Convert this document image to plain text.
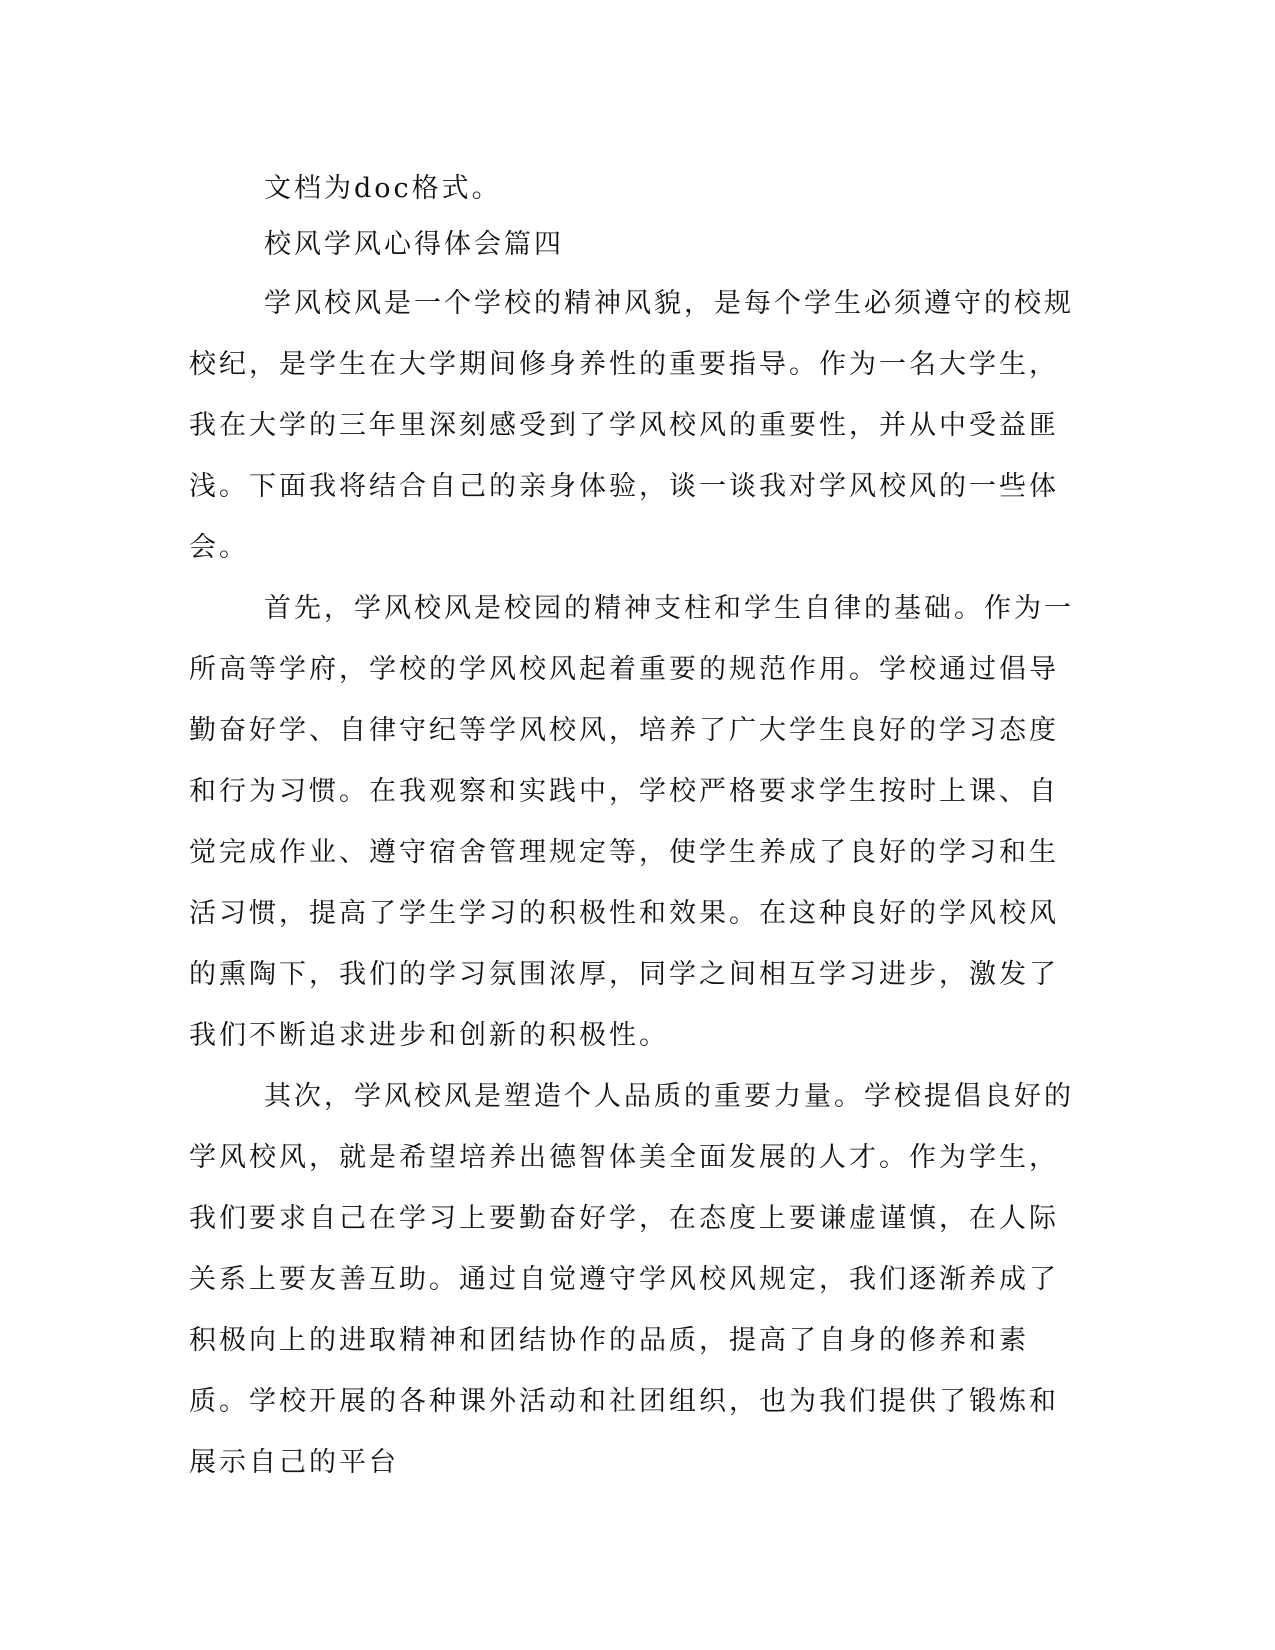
文档为doc格式。

校风学风心得体会篇四

学风校风是一个学校的精神风貌，是每个学生必须遵守的校规校纪，是学生在大学期间修身养性的重要指导。作为一名大学生，我在大学的三年里深刻感受到了学风校风的重要性，并从中受益匪浅。下面我将结合自己的亲身体验，谈一谈我对学风校风的一些体会。

首先，学风校风是校园的精神支柱和学生自律的基础。作为一所高等学府，学校的学风校风起着重要的规范作用。学校通过倡导勤奋好学、自律守纪等学风校风，培养了广大学生良好的学习态度和行为习惯。在我观察和实践中，学校严格要求学生按时上课、自觉完成作业、遵守宿舍管理规定等，使学生养成了良好的学习和生活习惯，提高了学生学习的积极性和效果。在这种良好的学风校风的熏陶下，我们的学习氛围浓厚，同学之间相互学习进步，激发了我们不断追求进步和创新的积极性。

其次，学风校风是塑造个人品质的重要力量。学校提倡良好的学风校风，就是希望培养出德智体美全面发展的人才。作为学生，我们要求自己在学习上要勤奋好学，在态度上要谦虚谨慎，在人际关系上要友善互助。通过自觉遵守学风校风规定，我们逐渐养成了积极向上的进取精神和团结协作的品质，提高了自身的修养和素质。学校开展的各种课外活动和社团组织，也为我们提供了锻炼和展示自己的平台
